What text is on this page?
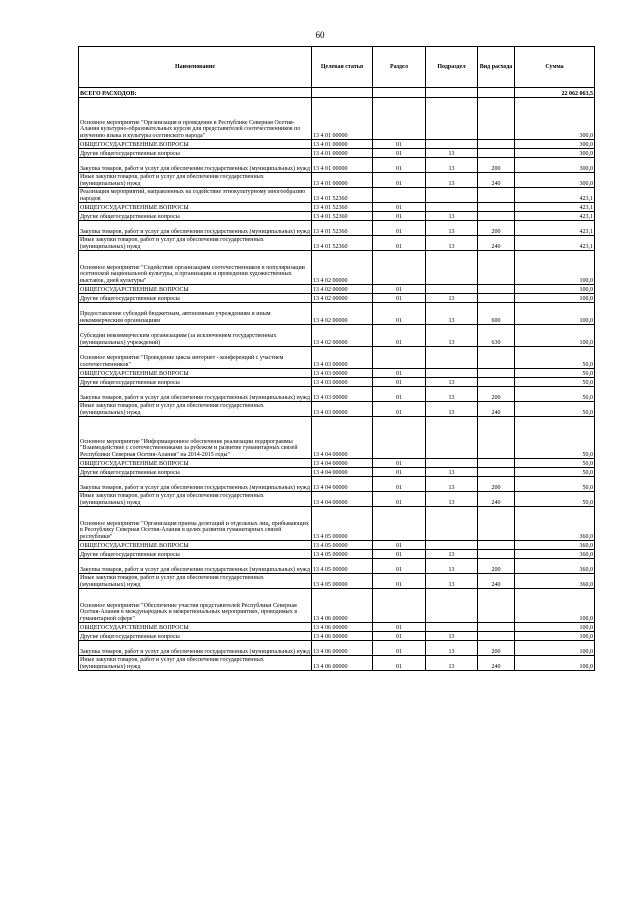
60
Наименование	Целевая статья	Раздел	Подраздел	Вид расхода	Сумма
ВСЕГО РАСХОДОВ:					22 062 063,5
Основное мероприятие "Организация и проведение в Республике Северная Осетия-Алания культурно-образовательных курсов для представителей соотечественников по изучению языка и культуры осетинского народа"	13 4 01 00000				300,0
ОБЩЕГОСУДАРСТВЕННЫЕ ВОПРОСЫ	13 4 01 00000	01			300,0
Другие общегосударственные вопросы	13 4 01 00000	01	13		300,0
Закупка товаров, работ и услуг для обеспечения государственных (муниципальных) нужд	13 4 01 00000	01	13	200	300,0
Иные закупки товаров, работ и услуг для обеспечения государственных (муниципальных) нужд	13 4 01 00000	01	13	240	300,0
Реализация мероприятий, направленных на содействие этнокультурному многообразию народов	13 4 01 52360				423,1
ОБЩЕГОСУДАРСТВЕННЫЕ ВОПРОСЫ	13 4 01 52360	01			423,1
Другие общегосударственные вопросы	13 4 01 52360	01	13		423,1
Закупка товаров, работ и услуг для обеспечения государственных (муниципальных) нужд	13 4 01 52360	01	13	200	423,1
Иные закупки товаров, работ и услуг для обеспечения государственных (муниципальных) нужд	13 4 01 52360	01	13	240	423,1
Основное мероприятие "Содействие организациям соотечественников в популяризации осетинской национальной культуры, в организации и проведении художественных выставок, дней культуры"	13 4 02 00000				100,0
ОБЩЕГОСУДАРСТВЕННЫЕ ВОПРОСЫ	13 4 02 00000	01			100,0
Другие общегосударственные вопросы	13 4 02 00000	01	13		100,0
Предоставление субсидий бюджетным, автономным учреждениям и иным некоммерческим организациям	13 4 02 00000	01	13	600	100,0
Субсидии некоммерческим организациям (за исключением государственных (муниципальных) учреждений)	13 4 02 00000	01	13	630	100,0
Основное мероприятие "Проведение цикла интернет - конференций с участием соотечественников"	13 4 03 00000				50,0
ОБЩЕГОСУДАРСТВЕННЫЕ ВОПРОСЫ	13 4 03 00000	01			50,0
Другие общегосударственные вопросы	13 4 03 00000	01	13		50,0
Закупка товаров, работ и услуг для обеспечения государственных (муниципальных) нужд	13 4 03 00000	01	13	200	50,0
Иные закупки товаров, работ и услуг для обеспечения государственных (муниципальных) нужд	13 4 03 00000	01	13	240	50,0
Основное мероприятие "Информационное обеспечение реализации подпрограммы "Взаимодействие с соотечественниками за рубежом и развитие гуманитарных связей Республики Северная Осетия-Алания" на 2014-2015 годы"	13 4 04 00000				50,0
ОБЩЕГОСУДАРСТВЕННЫЕ ВОПРОСЫ	13 4 04 00000	01			50,0
Другие общегосударственные вопросы	13 4 04 00000	01	13		50,0
Закупка товаров, работ и услуг для обеспечения государственных (муниципальных) нужд	13 4 04 00000	01	13	200	50,0
Иные закупки товаров, работ и услуг для обеспечения государственных (муниципальных) нужд	13 4 04 00000	01	13	240	50,0
Основное мероприятие "Организация приема делегаций и отдельных лиц, прибывающих в Республику Северная Осетия-Алания в целях развития гуманитарных связей республики"	13 4 05 00000				360,0
ОБЩЕГОСУДАРСТВЕННЫЕ ВОПРОСЫ	13 4 05 00000	01			360,0
Другие общегосударственные вопросы	13 4 05 00000	01	13		360,0
Закупка товаров, работ и услуг для обеспечения государственных (муниципальных) нужд	13 4 05 00000	01	13	200	360,0
Иные закупки товаров, работ и услуг для обеспечения государственных (муниципальных) нужд	13 4 05 00000	01	13	240	360,0
Основное мероприятие "Обеспечение участия представителей Республики Северная Осетия-Алания в международных и межрегиональных мероприятиях, проводимых в гуманитарной сфере"	13 4 06 00000				100,0
ОБЩЕГОСУДАРСТВЕННЫЕ ВОПРОСЫ	13 4 06 00000	01			100,0
Другие общегосударственные вопросы	13 4 06 00000	01	13		100,0
Закупка товаров, работ и услуг для обеспечения государственных (муниципальных) нужд	13 4 06 00000	01	13	200	100,0
Иные закупки товаров, работ и услуг для обеспечения государственных (муниципальных) нужд	13 4 06 00000	01	13	240	100,0
